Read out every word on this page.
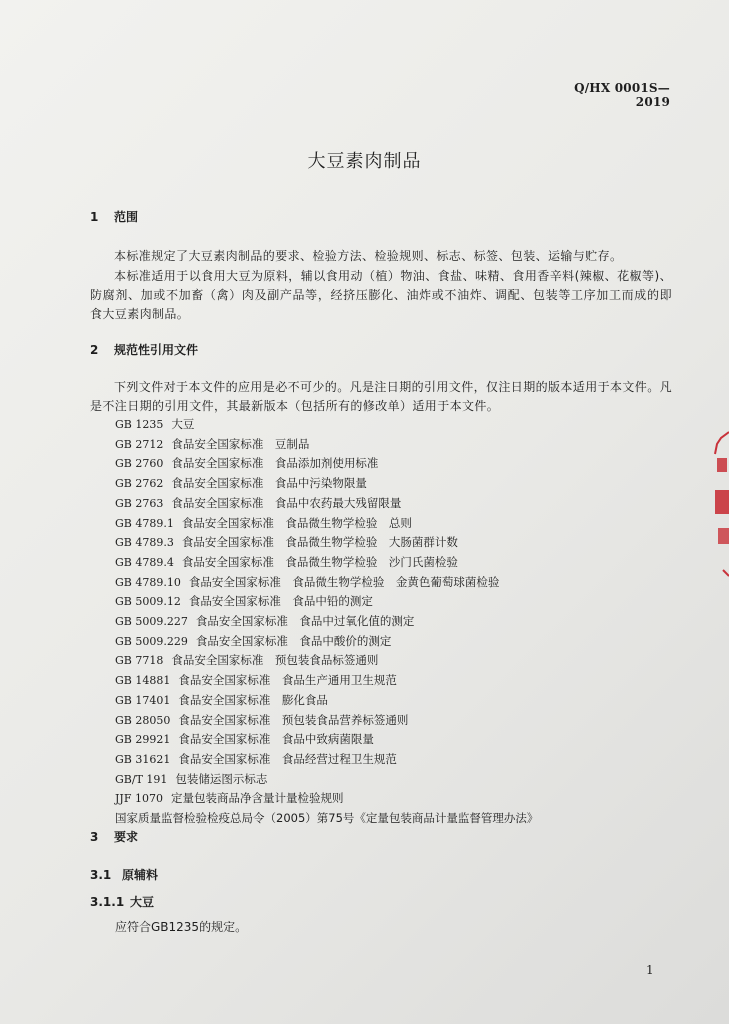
Q/HX 0001S—2019
大豆素肉制品
1 范围
本标准规定了大豆素肉制品的要求、检验方法、检验规则、标志、标签、包装、运输与贮存。
本标准适用于以食用大豆为原料，辅以食用动（植）物油、食盐、味精、食用香辛料(辣椒、花椒等)、防腐剂、加或不加畜（禽）肉及副产品等，经挤压膨化、油炸或不油炸、调配、包装等工序加工而成的即食大豆素肉制品。
2 规范性引用文件
下列文件对于本文件的应用是必不可少的。凡是注日期的引用文件，仅注日期的版本适用于本文件。凡是不注日期的引用文件，其最新版本（包括所有的修改单）适用于本文件。
GB 1235 大豆
GB 2712 食品安全国家标准　豆制品
GB 2760 食品安全国家标准　食品添加剂使用标准
GB 2762 食品安全国家标准　食品中污染物限量
GB 2763 食品安全国家标准　食品中农药最大残留限量
GB 4789.1 食品安全国家标准　食品微生物学检验　总则
GB 4789.3 食品安全国家标准　食品微生物学检验　大肠菌群计数
GB 4789.4 食品安全国家标准　食品微生物学检验　沙门氏菌检验
GB 4789.10 食品安全国家标准　食品微生物学检验　金黄色葡萄球菌检验
GB 5009.12 食品安全国家标准　食品中铅的测定
GB 5009.227 食品安全国家标准　食品中过氧化值的测定
GB 5009.229 食品安全国家标准　食品中酸价的测定
GB 7718 食品安全国家标准　预包装食品标签通则
GB 14881 食品安全国家标准　食品生产通用卫生规范
GB 17401 食品安全国家标准　膨化食品
GB 28050 食品安全国家标准　预包装食品营养标签通则
GB 29921 食品安全国家标准　食品中致病菌限量
GB 31621 食品安全国家标准　食品经营过程卫生规范
GB/T 191 包装储运图示标志
JJF 1070 定量包装商品净含量计量检验规则
国家质量监督检验检疫总局令（2005）第75号《定量包装商品计量监督管理办法》
3 要求
3.1 原辅料
3.1.1 大豆
应符合GB1235的规定。
1
